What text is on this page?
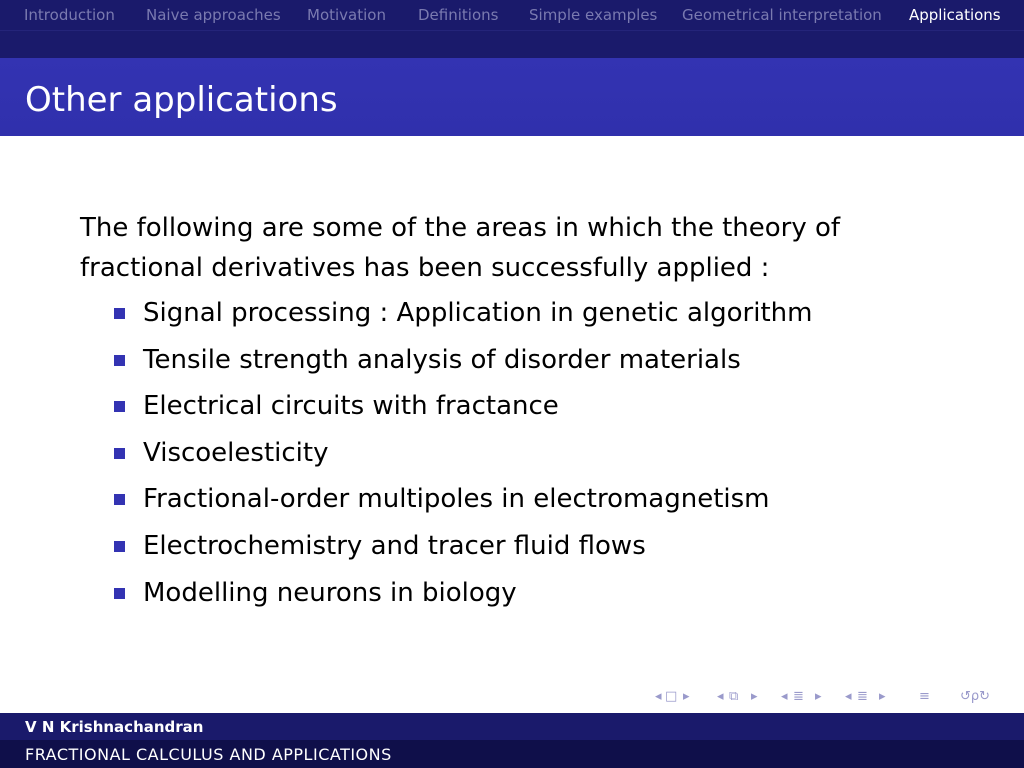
Introduction Naive approaches Motivation Definitions Simple examples Geometrical interpretation Applications
Other applications

The following are some of the areas in which the theory of fractional derivatives has been successfully applied :

Signal processing : Application in genetic algorithm
Tensile strength analysis of disorder materials
Electrical circuits with fractance
Viscoelesticity
Fractional-order multipoles in electromagnetism
Electrochemistry and tracer fluid flows
Modelling neurons in biology
◂ □ ▸ ◂ ⧉ ▸ ◂ ≣ ▸ ◂ ≣ ▸	≡ ↺ρ↻
V N Krishnachandran
FRACTIONAL CALCULUS AND APPLICATIONS
